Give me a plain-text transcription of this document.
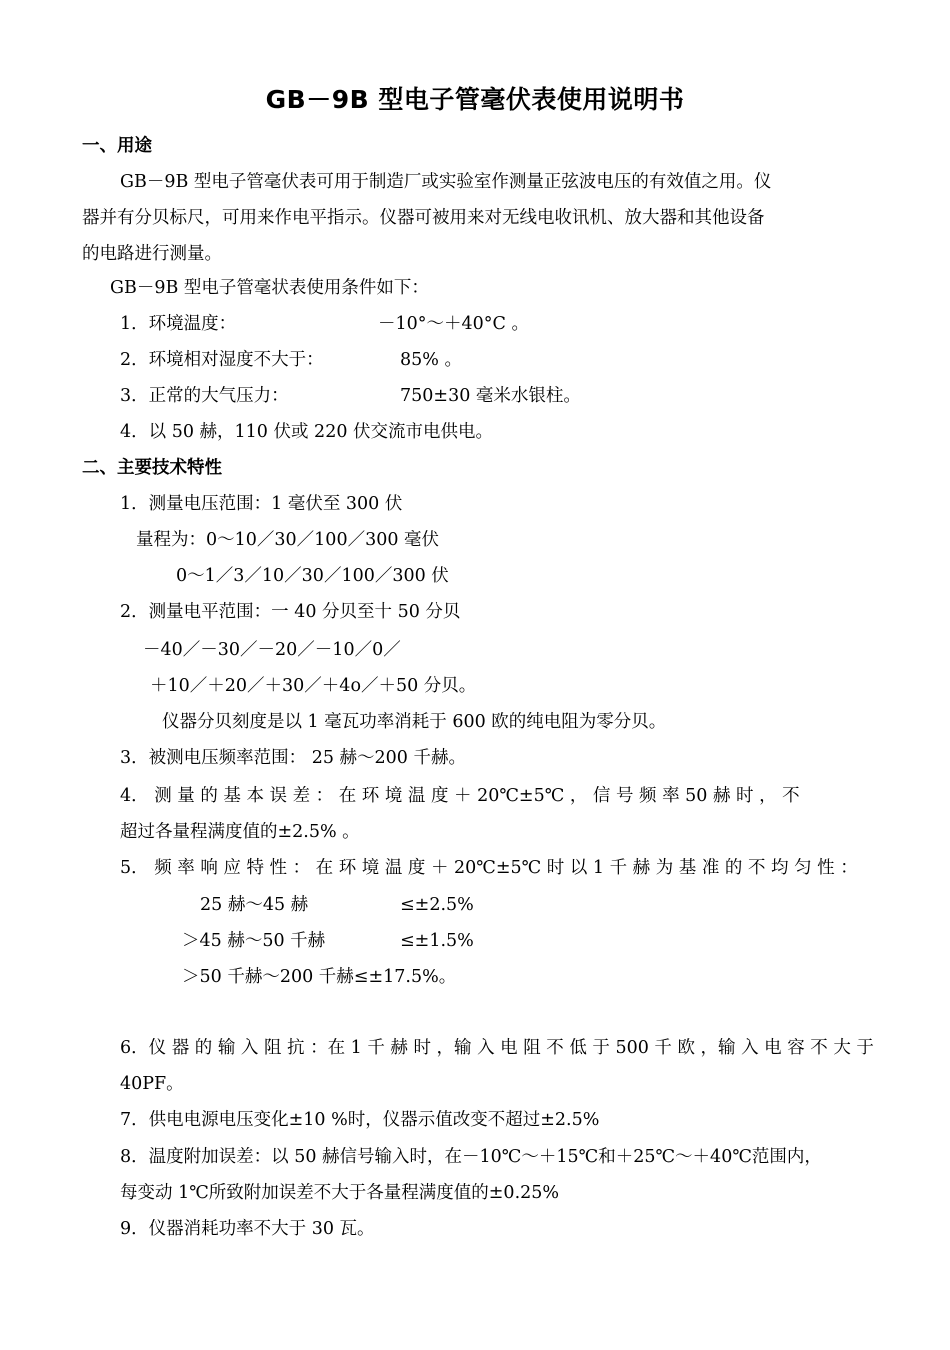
GB－9B 型电子管毫伏表使用说明书
一、用途
GB－9B 型电子管毫伏表可用于制造厂或实验室作测量正弦波电压的有效值之用。仪
器并有分贝标尺，可用来作电平指示。仪器可被用来对无线电收讯机、放大器和其他设备
的电路进行测量。
GB－9B 型电子管毫状表使用条件如下：
1．环境温度：	－10°～＋40°C 。
2．环境相对湿度不大于：	85% 。
3．正常的大气压力：	750±30 毫米水银柱。
4．以 50 赫，110 伏或 220 伏交流市电供电。
二、主要技术特性
1．测量电压范围：1 毫伏至 300 伏
量程为：0～10／30／100／300 毫伏
0～1／3／10／30／100／300 伏
2．测量电平范围：一 40 分贝至十 50 分贝
－40／－30／－20／－10／0／
＋10／＋20／＋30／＋4o／＋50 分贝。
仪器分贝刻度是以 1 毫瓦功率消耗于 600 欧的纯电阻为零分贝。
3．被测电压频率范围： 25 赫～200 千赫。
4． 测 量 的 基 本 误 差 ： 在 环 境 温 度 ＋ 20℃±5℃ ， 信 号 频 率 50 赫 时 ， 不
超过各量程满度值的±2.5% 。
5． 频 率 响 应 特 性 ： 在 环 境 温 度 ＋ 20℃±5℃ 时 以 1 千 赫 为 基 准 的 不 均 匀 性 ：
25 赫～45 赫	≤±2.5%
＞45 赫～50 千赫	≤±1.5%
＞50 千赫～200 千赫≤±17.5%。
6．仪 器 的 输 入 阻 抗 ：在 1 千 赫 时 ，输 入 电 阻 不 低 于 500 千 欧 ，输 入 电 容 不 大 于
40PF。
7．供电电源电压变化±10 %时，仪器示值改变不超过±2.5%
8．温度附加误差：以 50 赫信号输入时，在－10℃～＋15℃和＋25℃～＋40℃范围内，
每变动 1℃所致附加误差不大于各量程满度值的±0.25%
9．仪器消耗功率不大于 30 瓦。
